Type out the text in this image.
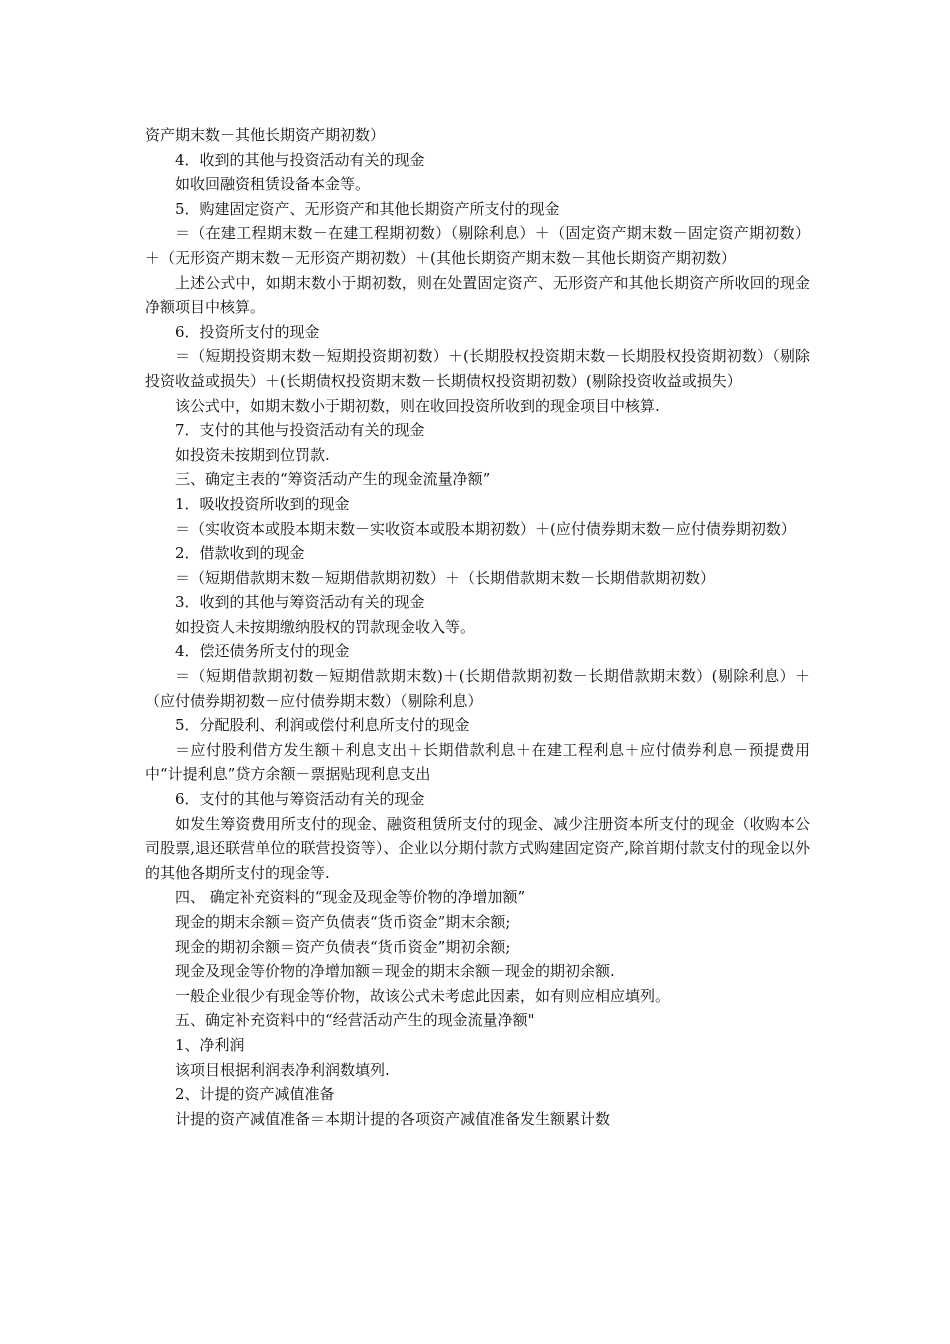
资产期末数－其他长期资产期初数）

4．收到的其他与投资活动有关的现金

如收回融资租赁设备本金等。

5．购建固定资产、无形资产和其他长期资产所支付的现金

＝（在建工程期末数－在建工程期初数）（剔除利息）＋（固定资产期末数－固定资产期初数）＋（无形资产期末数－无形资产期初数）＋(其他长期资产期末数－其他长期资产期初数）

上述公式中，如期末数小于期初数，则在处置固定资产、无形资产和其他长期资产所收回的现金净额项目中核算。

6．投资所支付的现金

＝（短期投资期末数－短期投资期初数）＋(长期股权投资期末数－长期股权投资期初数）（剔除投资收益或损失）＋(长期债权投资期末数－长期债权投资期初数）(剔除投资收益或损失）

该公式中，如期末数小于期初数，则在收回投资所收到的现金项目中核算.

7．支付的其他与投资活动有关的现金

如投资未按期到位罚款.

三、确定主表的“筹资活动产生的现金流量净额”

1．吸收投资所收到的现金

＝（实收资本或股本期末数－实收资本或股本期初数）＋(应付债券期末数－应付债券期初数）

2．借款收到的现金

＝（短期借款期末数－短期借款期初数）＋（长期借款期末数－长期借款期初数）

3．收到的其他与筹资活动有关的现金

如投资人未按期缴纳股权的罚款现金收入等。

4．偿还债务所支付的现金

＝（短期借款期初数－短期借款期末数)＋(长期借款期初数－长期借款期末数）(剔除利息）＋（应付债券期初数－应付债券期末数）（剔除利息）

5．分配股利、利润或偿付利息所支付的现金

＝应付股利借方发生额＋利息支出＋长期借款利息＋在建工程利息＋应付债券利息－预提费用中“计提利息”贷方余额－票据贴现利息支出

6．支付的其他与筹资活动有关的现金

如发生筹资费用所支付的现金、融资租赁所支付的现金、减少注册资本所支付的现金（收购本公司股票,退还联营单位的联营投资等）、企业以分期付款方式购建固定资产,除首期付款支付的现金以外的其他各期所支付的现金等.

四、 确定补充资料的“现金及现金等价物的净增加额”

现金的期末余额＝资产负债表“货币资金”期末余额;

现金的期初余额＝资产负债表“货币资金”期初余额;

现金及现金等价物的净增加额＝现金的期末余额－现金的期初余额.

一般企业很少有现金等价物，故该公式未考虑此因素，如有则应相应填列。

五、确定补充资料中的“经营活动产生的现金流量净额"

1、净利润

该项目根据利润表净利润数填列.

2、计提的资产减值准备

计提的资产减值准备＝本期计提的各项资产减值准备发生额累计数
